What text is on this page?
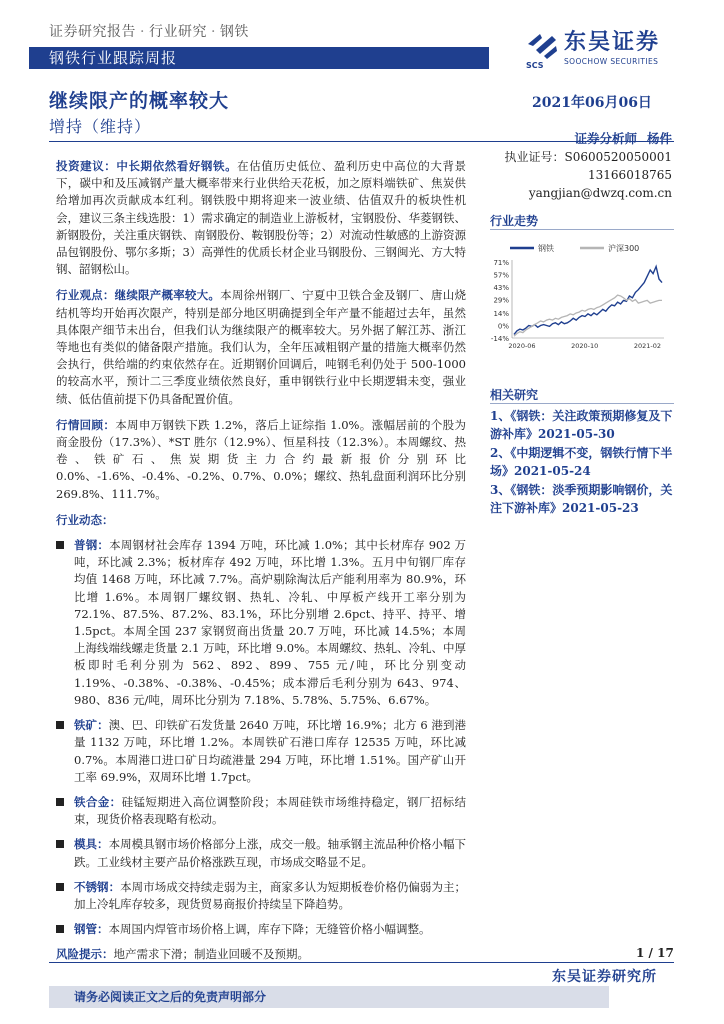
证券研究报告 · 行业研究 · 钢铁
钢铁行业跟踪周报	SCS
东吴证券
SOOCHOW SECURITIES
继续限产的概率较大
增持（维持）
2021年06月06日
证券分析师 杨件
执业证号：S0600520050001
13166018765
yangjian@dwzq.com.cn
投资建议：中长期依然看好钢铁。在估值历史低位、盈利历史中高位的大背景下，碳中和及压减钢产量大概率带来行业供给天花板，加之原料端铁矿、焦炭供给增加再次贡献成本红利。钢铁股中期将迎来一波业绩、估值双升的板块性机会，建议三条主线选股：1）需求确定的制造业上游板材，宝钢股份、华菱钢铁、新钢股份，关注重庆钢铁、南钢股份、鞍钢股份等；2）对流动性敏感的上游资源品包钢股份、鄂尔多斯；3）高弹性的优质长材企业马钢股份、三钢闽光、方大特钢、韶钢松山。
行业观点：继续限产概率较大。本周徐州钢厂、宁夏中卫铁合金及钢厂、唐山烧结机等均开始再次限产，特别是部分地区明确提到全年产量不能超过去年，虽然具体限产细节未出台，但我们认为继续限产的概率较大。另外据了解江苏、浙江等地也有类似的储备限产措施。我们认为，全年压减粗钢产量的措施大概率仍然会执行，供给端的约束依然存在。近期钢价回调后，吨钢毛利仍处于 500-1000 的较高水平，预计二三季度业绩依然良好，重申钢铁行业中长期逻辑未变，强业绩、低估值前提下仍具备配置价值。
行情回顾：本周申万钢铁下跌 1.2%，落后上证综指 1.0%。涨幅居前的个股为商金股份（17.3%）、*ST 胜尔（12.9%）、恒星科技（12.3%）。本周螺纹、热卷、铁矿石、焦炭期货主力合约最新报价分别环比 0.0%、-1.6%、-0.4%、-0.2%、0.7%、0.0%；螺纹、热轧盘面利润环比分别 269.8%、111.7%。
行业动态：
普钢：本周钢材社会库存 1394 万吨，环比减 1.0%；其中长材库存 902 万吨，环比减 2.3%；板材库存 492 万吨，环比增 1.3%。五月中旬钢厂库存均值 1468 万吨，环比减 7.7%。高炉剔除淘汰后产能利用率为 80.9%，环比增 1.6%。本周钢厂螺纹钢、热轧、冷轧、中厚板产线开工率分别为 72.1%、87.5%、87.2%、83.1%，环比分别增 2.6pct、持平、持平、增 1.5pct。本周全国 237 家钢贸商出货量 20.7 万吨，环比减 14.5%；本周上海线端线螺走货量 2.1 万吨，环比增 9.0%。本周螺纹、热轧、冷轧、中厚板即时毛利分别为 562、892、899、755 元/吨，环比分别变动 1.19%、-0.38%、-0.38%、-0.45%；成本滞后毛利分别为 643、974、980、836 元/吨，周环比分别为 7.18%、5.78%、5.75%、6.67%。
铁矿：澳、巴、印铁矿石发货量 2640 万吨，环比增 16.9%；北方 6 港到港量 1132 万吨，环比增 1.2%。本周铁矿石港口库存 12535 万吨，环比减 0.7%。本周港口进口矿日均疏港量 294 万吨，环比增 1.51%。国产矿山开工率 69.9%，双周环比增 1.7pct。
铁合金：硅锰短期进入高位调整阶段；本周硅铁市场维持稳定，钢厂招标结束，现货价格表现略有松动。
模具：本周模具钢市场价格部分上涨，成交一般。轴承钢主流品种价格小幅下跌。工业线材主要产品价格涨跌互现，市场成交略显不足。
不锈钢：本周市场成交持续走弱为主，商家多认为短期板卷价格仍偏弱为主；加上冷轧库存较多，现货贸易商报价持续呈下降趋势。
钢管：本周国内焊管市场价格上调，库存下降；无缝管价格小幅调整。
风险提示：地产需求下滑；制造业回暖不及预期。
行业走势
钢铁	沪深300
71%
57%
43%
29%
14%
0%
-14%
2020-06	2020-10	2021-02
相关研究
1、《钢铁：关注政策预期修复及下游补库》2021-05-30
2、《中期逻辑不变，钢铁行情下半场》2021-05-24
3、《钢铁：淡季预期影响钢价，关注下游补库》2021-05-23
1 / 17
东吴证券研究所
请务必阅读正文之后的免责声明部分
